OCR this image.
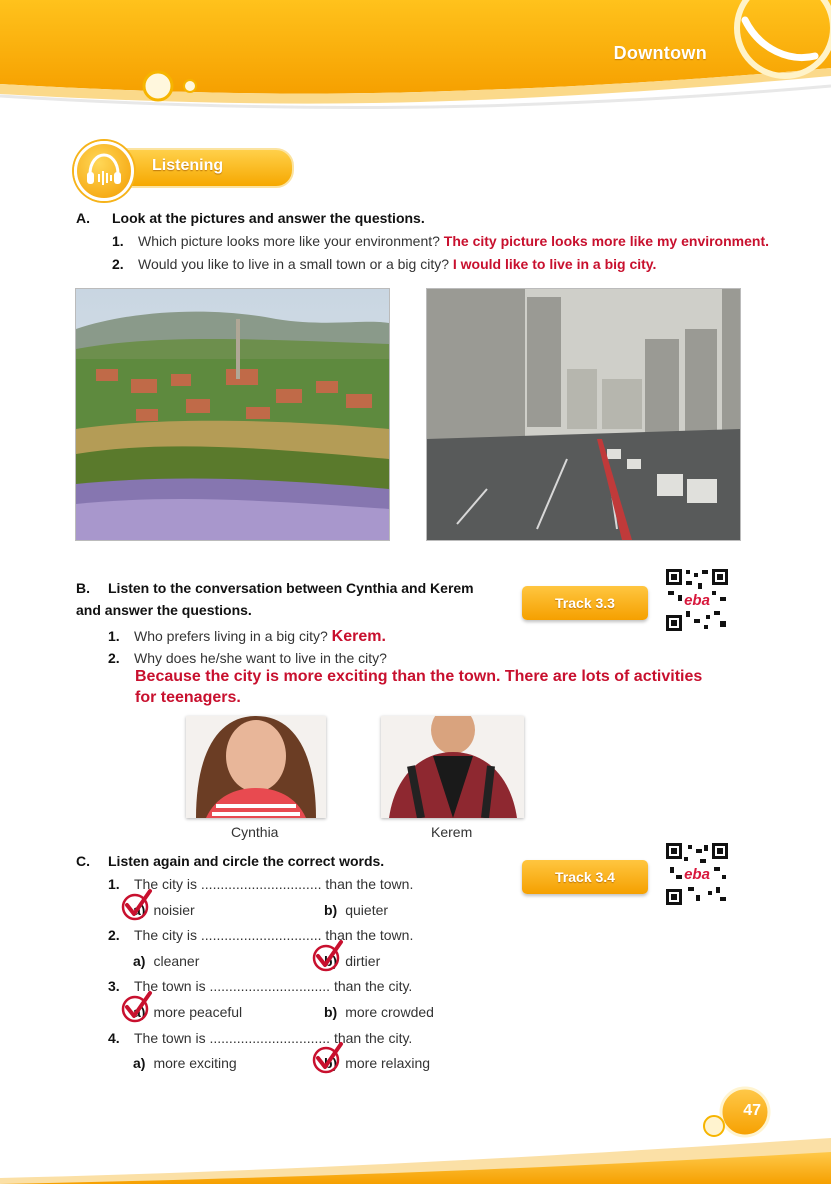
Downtown
Listening
A. Look at the pictures and answer the questions.
1. Which picture looks more like your environment? The city picture looks more like my environment.
2. Would you like to live in a small town or a big city? I would like to live in a big city.
B. Listen to the conversation between Cynthia and Kerem
and answer the questions.	Track 3.3	eba
1. Who prefers living in a big city? Kerem.
2. Why does he/she want to live in the city?
Because the city is more exciting than the town. There are lots of activities
for teenagers.
Cynthia	Kerem
C. Listen again and circle the correct words.
Track 3.4	eba
1. The city is ............................... than the town.
a) noisier	b) quieter
2. The city is ............................... than the town.
a) cleaner	b) dirtier
3. The town is ............................... than the city.
a) more peaceful	b) more crowded
4. The town is ............................... than the city.
a) more exciting	b) more relaxing
47
